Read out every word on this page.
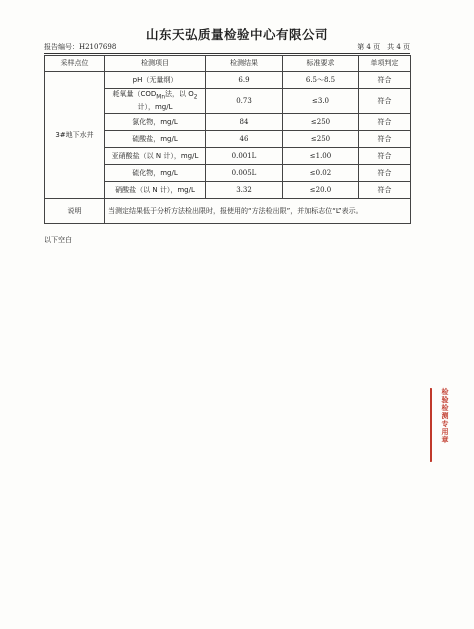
山东天弘质量检验中心有限公司
报告编号：H2107698	第 4 页　共 4 页
采样点位	检测项目	检测结果	标准要求	单项判定
3#地下水井	pH（无量纲）	6.9	6.5～8.5	符合
	耗氧量（$COD_{Mn}$法，以 $O_2$ 计），mg/L	0.73	≤3.0	符合
	氯化物，mg/L	84	≤250	符合
	硫酸盐，mg/L	46	≤250	符合
	亚硝酸盐（以 N 计），mg/L	0.001L	≤1.00	符合
	硫化物，mg/L	0.005L	≤0.02	符合
	硝酸盐（以 N 计），mg/L	3.32	≤20.0	符合
说明	当测定结果低于分析方法检出限时，报使用的“方法检出限”，并加标志位“L”表示。			
以下空白
检验检测专用章
